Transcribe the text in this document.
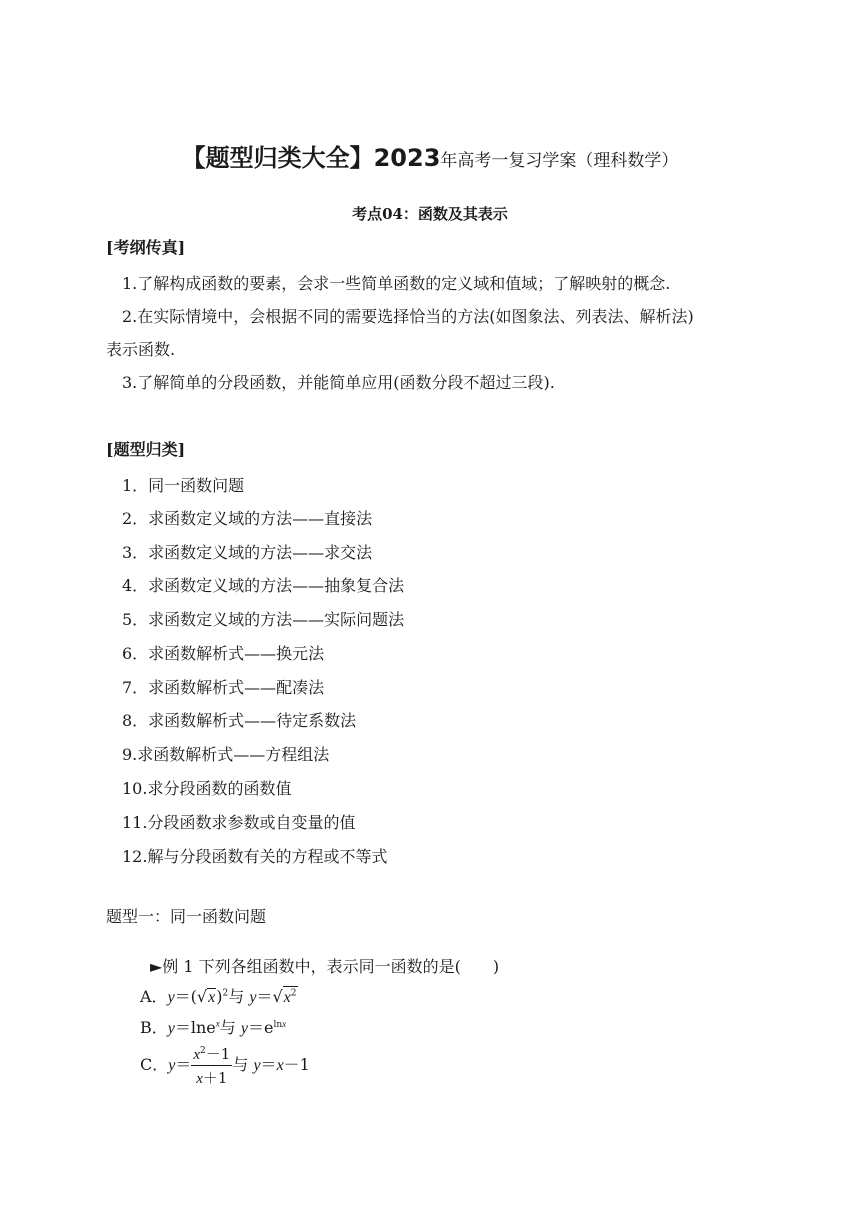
【题型归类大全】2023年高考一复习学案（理科数学）
考点04：函数及其表示
[考纲传真]
1.了解构成函数的要素，会求一些简单函数的定义域和值域；了解映射的概念.
2.在实际情境中，会根据不同的需要选择恰当的方法(如图象法、列表法、解析法)
表示函数.
3.了解简单的分段函数，并能简单应用(函数分段不超过三段).
[题型归类]
1．同一函数问题
2．求函数定义域的方法——直接法
3．求函数定义域的方法——求交法
4．求函数定义域的方法——抽象复合法
5．求函数定义域的方法——实际问题法
6．求函数解析式——换元法
7．求函数解析式——配凑法
8．求函数解析式——待定系数法
9.求函数解析式——方程组法
10.求分段函数的函数值
11.分段函数求参数或自变量的值
12.解与分段函数有关的方程或不等式
题型一：同一函数问题
►例 1 下列各组函数中，表示同一函数的是(　　)
A．$y=(√x)^2$与 $y=√x^2$
B．y＝lne$^x$与 $y=e^{lnx}$
C．$y= \frac{x^2-1}{x+1}$ 与 y＝x－1
